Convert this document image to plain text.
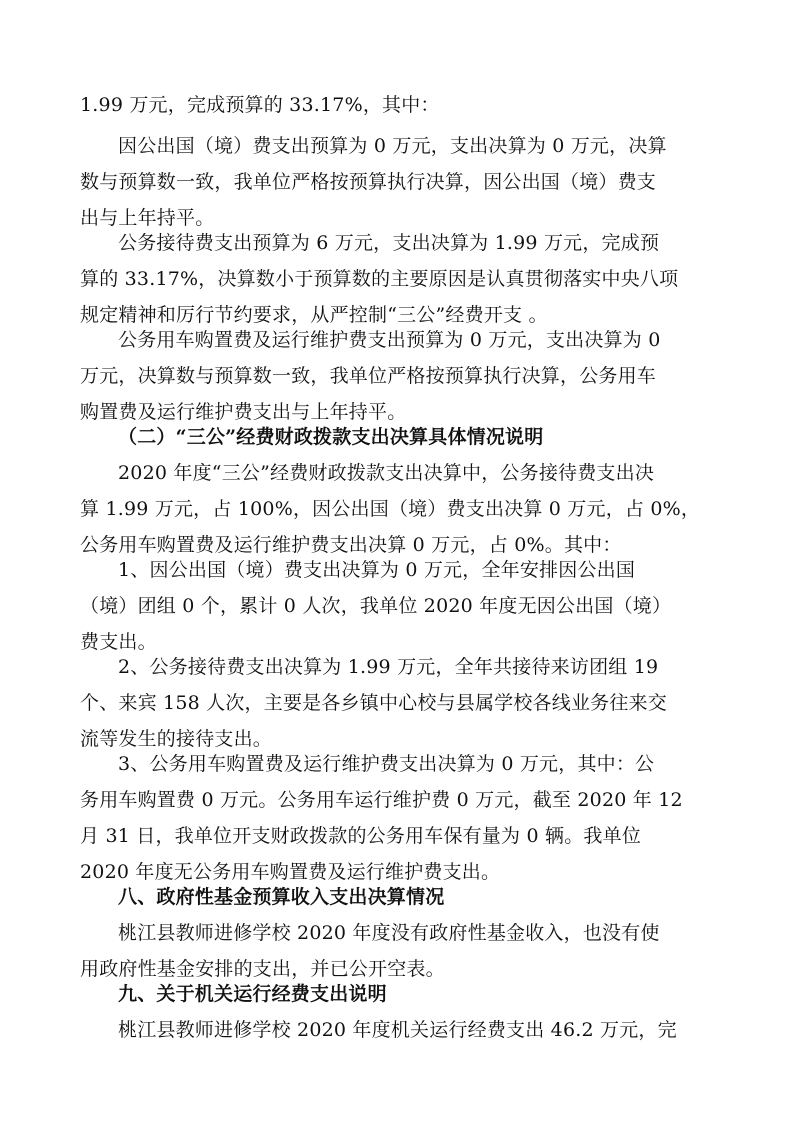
1.99 万元，完成预算的 33.17%，其中：
因公出国（境）费支出预算为 0 万元，支出决算为 0 万元，决算
数与预算数一致，我单位严格按预算执行决算，因公出国（境）费支
出与上年持平。
公务接待费支出预算为 6 万元，支出决算为 1.99 万元，完成预
算的 33.17%，决算数小于预算数的主要原因是认真贯彻落实中央八项
规定精神和厉行节约要求，从严控制“三公”经费开支 。
公务用车购置费及运行维护费支出预算为 0 万元，支出决算为 0
万元，决算数与预算数一致，我单位严格按预算执行决算，公务用车
购置费及运行维护费支出与上年持平。
（二）“三公”经费财政拨款支出决算具体情况说明
2020 年度“三公”经费财政拨款支出决算中，公务接待费支出决
算 1.99 万元，占 100%，因公出国（境）费支出决算 0 万元，占 0%，
公务用车购置费及运行维护费支出决算 0 万元，占 0%。其中：
1、因公出国（境）费支出决算为 0 万元，全年安排因公出国
（境）团组 0 个，累计 0 人次，我单位 2020 年度无因公出国（境）
费支出。
2、公务接待费支出决算为 1.99 万元，全年共接待来访团组 19
个、来宾 158 人次，主要是各乡镇中心校与县属学校各线业务往来交
流等发生的接待支出。
3、公务用车购置费及运行维护费支出决算为 0 万元，其中：公
务用车购置费 0 万元。公务用车运行维护费 0 万元，截至 2020 年 12
月 31 日，我单位开支财政拨款的公务用车保有量为 0 辆。我单位
2020 年度无公务用车购置费及运行维护费支出。
八、政府性基金预算收入支出决算情况
桃江县教师进修学校 2020 年度没有政府性基金收入，也没有使
用政府性基金安排的支出，并已公开空表。
九、关于机关运行经费支出说明
桃江县教师进修学校 2020 年度机关运行经费支出 46.2 万元，完
